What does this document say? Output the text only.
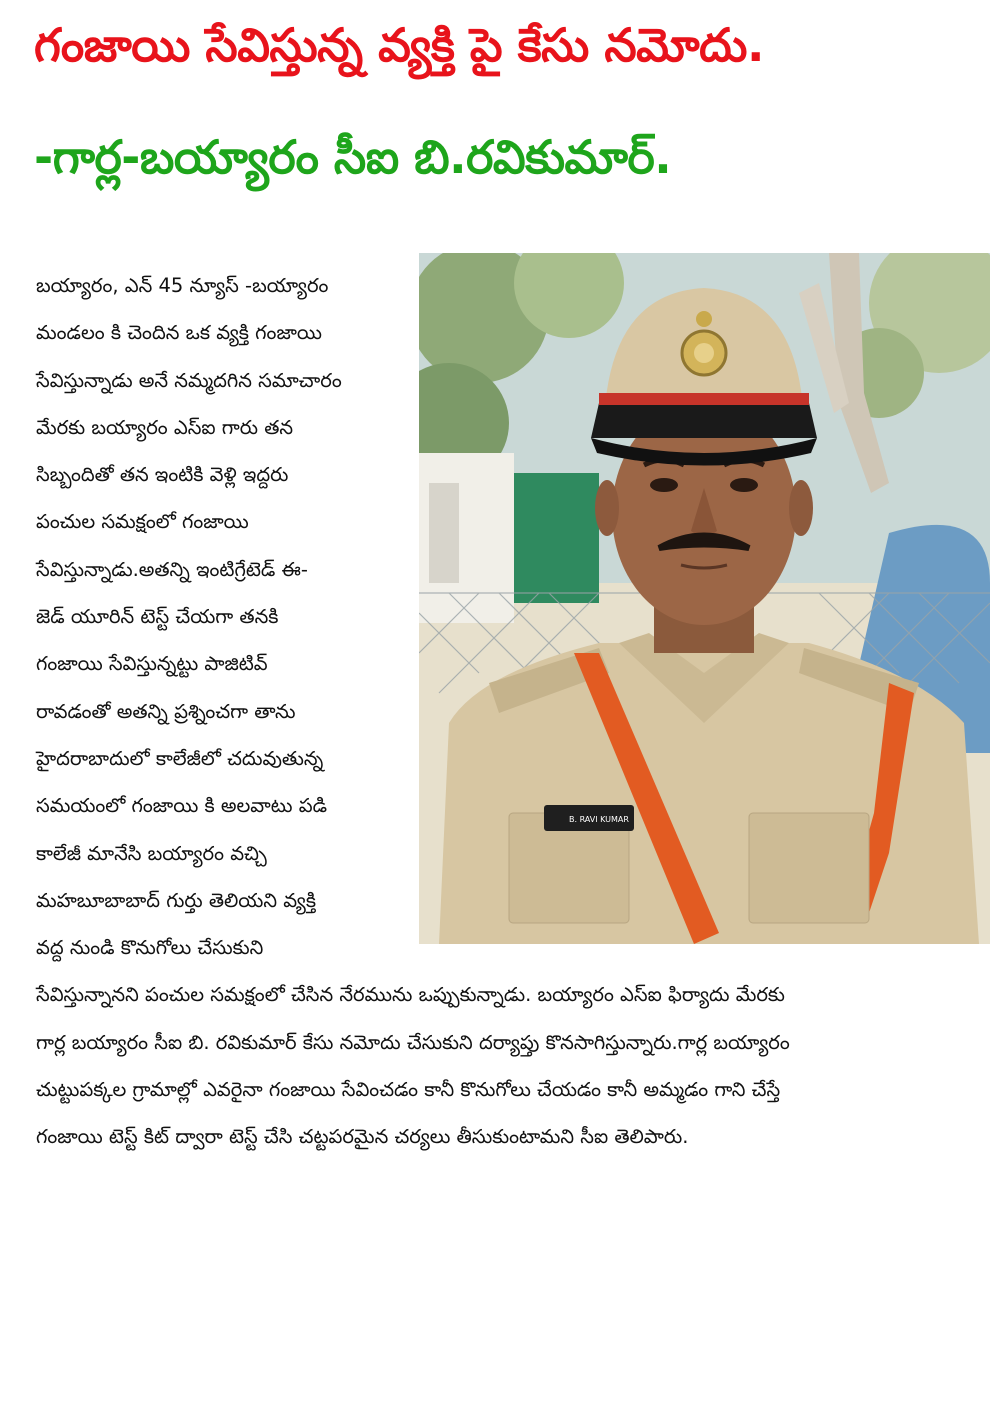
గంజాయి సేవిస్తున్న వ్యక్తి పై కేసు నమోదు.
-గార్ల-బయ్యారం సీఐ బి.రవికుమార్.
B. RAVI KUMAR
బయ్యారం, ఎన్ 45 న్యూస్ -బయ్యారం
మండలం కి చెందిన ఒక వ్యక్తి గంజాయి
సేవిస్తున్నాడు అనే నమ్మదగిన సమాచారం
మేరకు బయ్యారం ఎస్ఐ గారు తన
సిబ్బందితో తన ఇంటికి వెళ్లి ఇద్దరు
పంచుల సమక్షంలో గంజాయి
సేవిస్తున్నాడు.అతన్ని ఇంటిగ్రేటెడ్ ఈ-
జెడ్ యూరిన్ టెస్ట్ చేయగా తనకి
గంజాయి సేవిస్తున్నట్టు పాజిటివ్
రావడంతో అతన్ని ప్రశ్నించగా తాను
హైదరాబాదులో కాలేజీలో చదువుతున్న
సమయంలో గంజాయి కి అలవాటు పడి
కాలేజీ మానేసి బయ్యారం వచ్చి
మహబూబాబాద్ గుర్తు తెలియని వ్యక్తి
వద్ద నుండి కొనుగోలు చేసుకుని
సేవిస్తున్నానని పంచుల సమక్షంలో చేసిన నేరమును ఒప్పుకున్నాడు. బయ్యారం ఎస్ఐ ఫిర్యాదు మేరకు
గార్ల బయ్యారం సీఐ బి. రవికుమార్ కేసు నమోదు చేసుకుని దర్యాప్తు కొనసాగిస్తున్నారు.గార్ల బయ్యారం
చుట్టుపక్కల గ్రామాల్లో ఎవరైనా గంజాయి సేవించడం కానీ కొనుగోలు చేయడం కానీ అమ్మడం గాని చేస్తే
గంజాయి టెస్ట్ కిట్ ద్వారా టెస్ట్ చేసి చట్టపరమైన చర్యలు తీసుకుంటామని సీఐ తెలిపారు.
